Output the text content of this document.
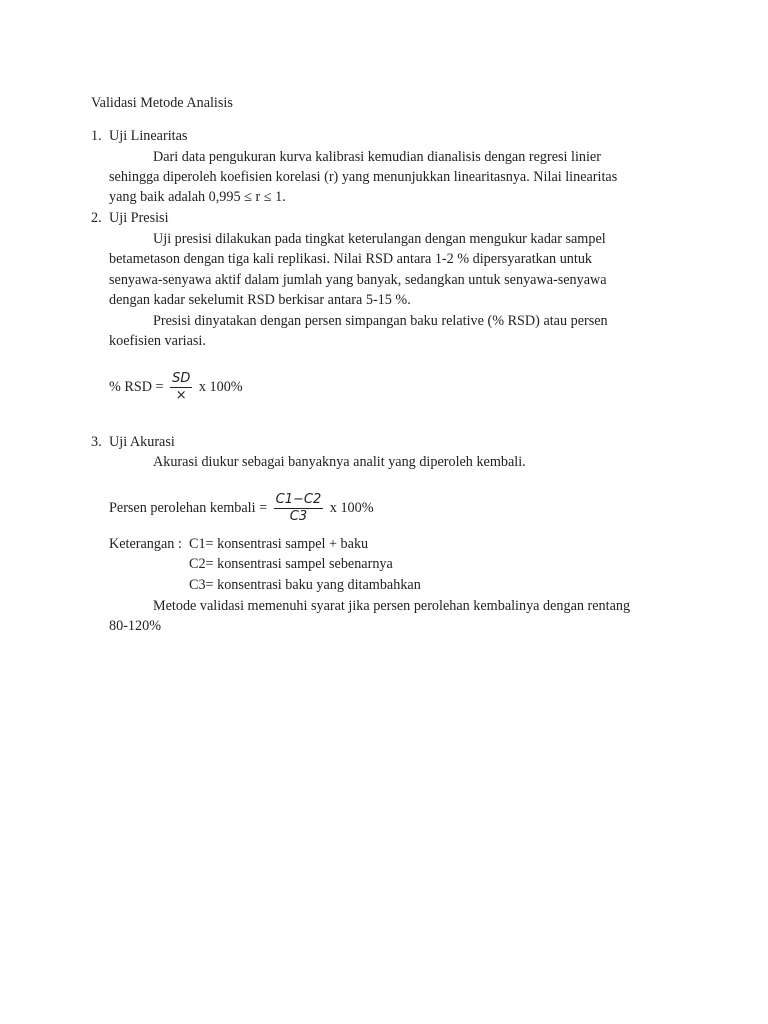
Validasi Metode Analisis
1. Uji Linearitas
Dari data pengukuran kurva kalibrasi kemudian dianalisis dengan regresi linier
sehingga diperoleh koefisien korelasi (r) yang menunjukkan linearitasnya. Nilai linearitas
yang baik adalah 0,995 ≤ r ≤ 1.
2. Uji Presisi
Uji presisi dilakukan pada tingkat keterulangan dengan mengukur kadar sampel
betametason dengan tiga kali replikasi. Nilai RSD antara 1-2 % dipersyaratkan untuk
senyawa-senyawa aktif dalam jumlah yang banyak, sedangkan untuk senyawa-senyawa
dengan kadar sekelumit RSD berkisar antara 5-15 %.
Presisi dinyatakan dengan persen simpangan baku relative (% RSD) atau persen
koefisien variasi.
% RSD = $\frac{SD}{\times}$ x 100%
3. Uji Akurasi
Akurasi diukur sebagai banyaknya analit yang diperoleh kembali.
Persen perolehan kembali = $\frac{C1-C2}{C3}$ x 100%
Keterangan : C1= konsentrasi sampel + baku
C2= konsentrasi sampel sebenarnya
C3= konsentrasi baku yang ditambahkan
Metode validasi memenuhi syarat jika persen perolehan kembalinya dengan rentang
80-120%
